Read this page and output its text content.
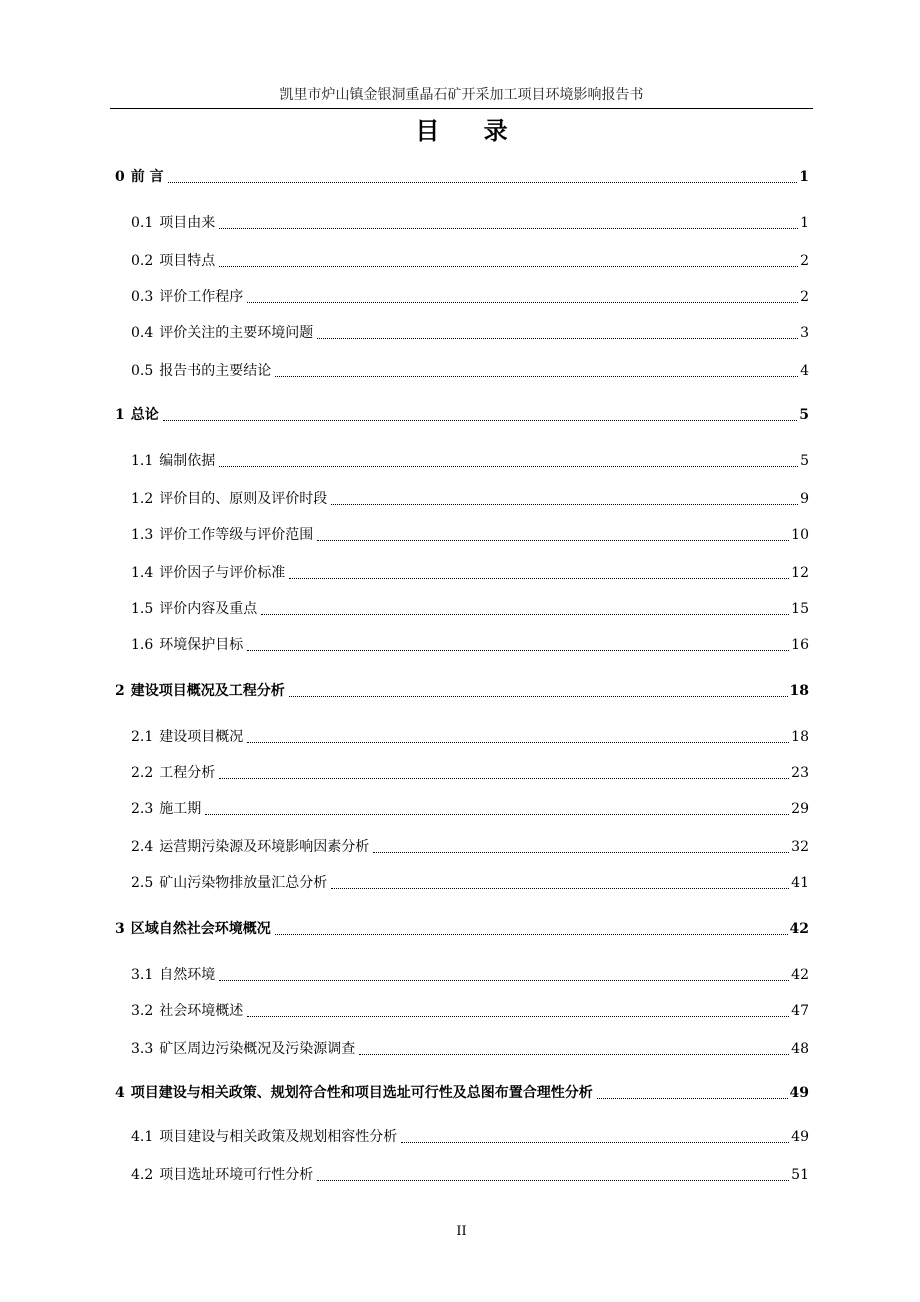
凯里市炉山镇金银洞重晶石矿开采加工项目环境影响报告书
目 录
0 前 言	1
0.1 项目由来	1
0.2 项目特点	2
0.3 评价工作程序	2
0.4 评价关注的主要环境问题	3
0.5 报告书的主要结论	4
1 总论	5
1.1 编制依据	5
1.2 评价目的、原则及评价时段	9
1.3 评价工作等级与评价范围	10
1.4 评价因子与评价标准	12
1.5 评价内容及重点	15
1.6 环境保护目标	16
2 建设项目概况及工程分析	18
2.1 建设项目概况	18
2.2 工程分析	23
2.3 施工期	29
2.4 运营期污染源及环境影响因素分析	32
2.5 矿山污染物排放量汇总分析	41
3 区域自然社会环境概况	42
3.1 自然环境	42
3.2 社会环境概述	47
3.3 矿区周边污染概况及污染源调查	48
4 项目建设与相关政策、规划符合性和项目选址可行性及总图布置合理性分析	49
4.1 项目建设与相关政策及规划相容性分析	49
4.2 项目选址环境可行性分析	51
II
